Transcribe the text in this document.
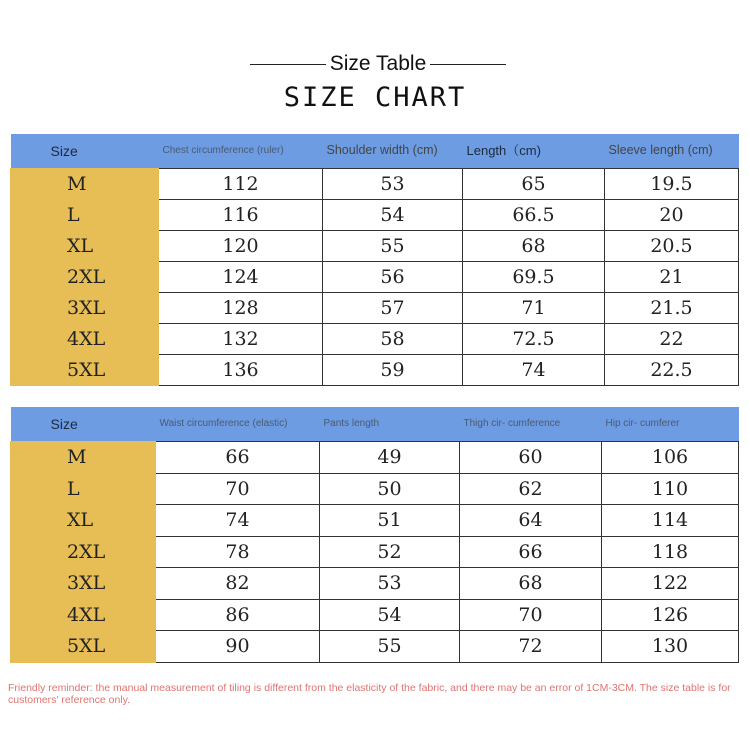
Size Table
SIZE CHART
Size	Chest circumference (ruler)	Shoulder width (cm)	Length（cm)	Sleeve length (cm)
M	112	53	65	19.5
L	116	54	66.5	20
XL	120	55	68	20.5
2XL	124	56	69.5	21
3XL	128	57	71	21.5
4XL	132	58	72.5	22
5XL	136	59	74	22.5
Size	Waist circumference (elastic)	Pants length	Thigh cir- cumference	Hip cir- cumferer
M	66	49	60	106
L	70	50	62	110
XL	74	51	64	114
2XL	78	52	66	118
3XL	82	53	68	122
4XL	86	54	70	126
5XL	90	55	72	130
Friendly reminder: the manual measurement of tiling is different from the elasticity of the fabric, and there may be an error of 1CM-3CM. The size table is for customers' reference only.
